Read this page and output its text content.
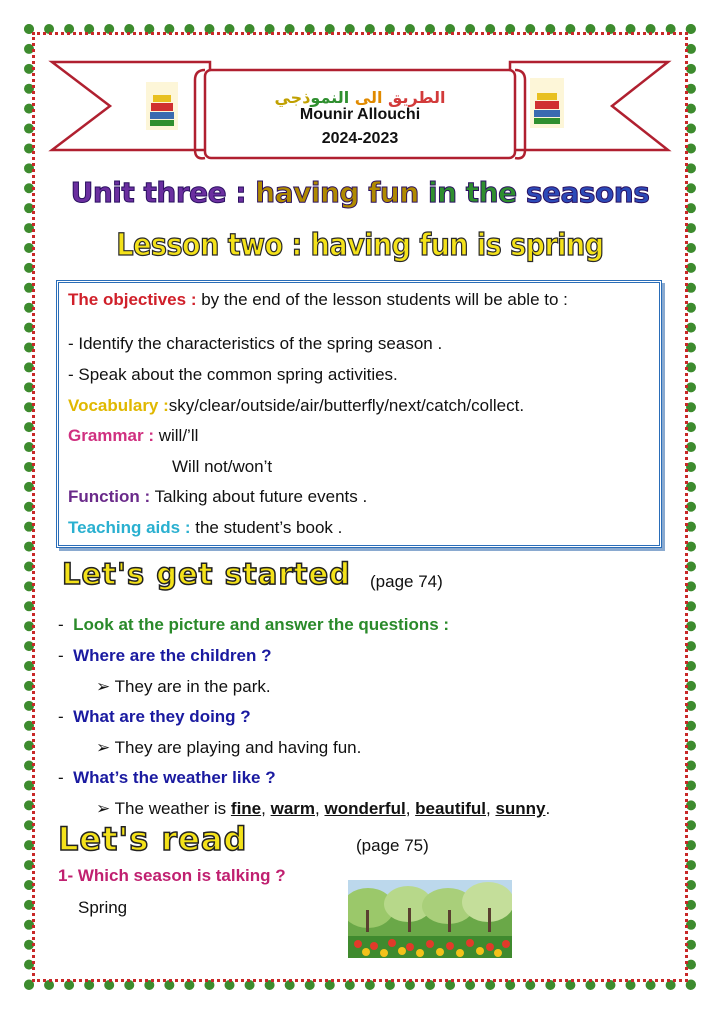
الطريق الى النموذجي
Mounir Allouchi
2024-2023
Unit three : having fun in the seasons
Lesson two : having fun is spring
The objectives : by the end of the lesson students will be able to :
- Identify the characteristics of the spring season .
- Speak about the common spring activities.
Vocabulary :sky/clear/outside/air/butterfly/next/catch/collect.
Grammar : will/’ll
Will not/won’t
Function : Talking about future events .
Teaching aids : the student’s book .
Let's get started (page 74)
-  Look at the picture and answer the questions :
-  Where are the children ?
➢ They are in the park.
-  What are they doing ?
➢ They are playing and having fun.
-  What’s the weather like ?
➢ The weather is fine, warm, wonderful, beautiful, sunny.
Let's read	(page 75)
1- Which season is talking ?
Spring
